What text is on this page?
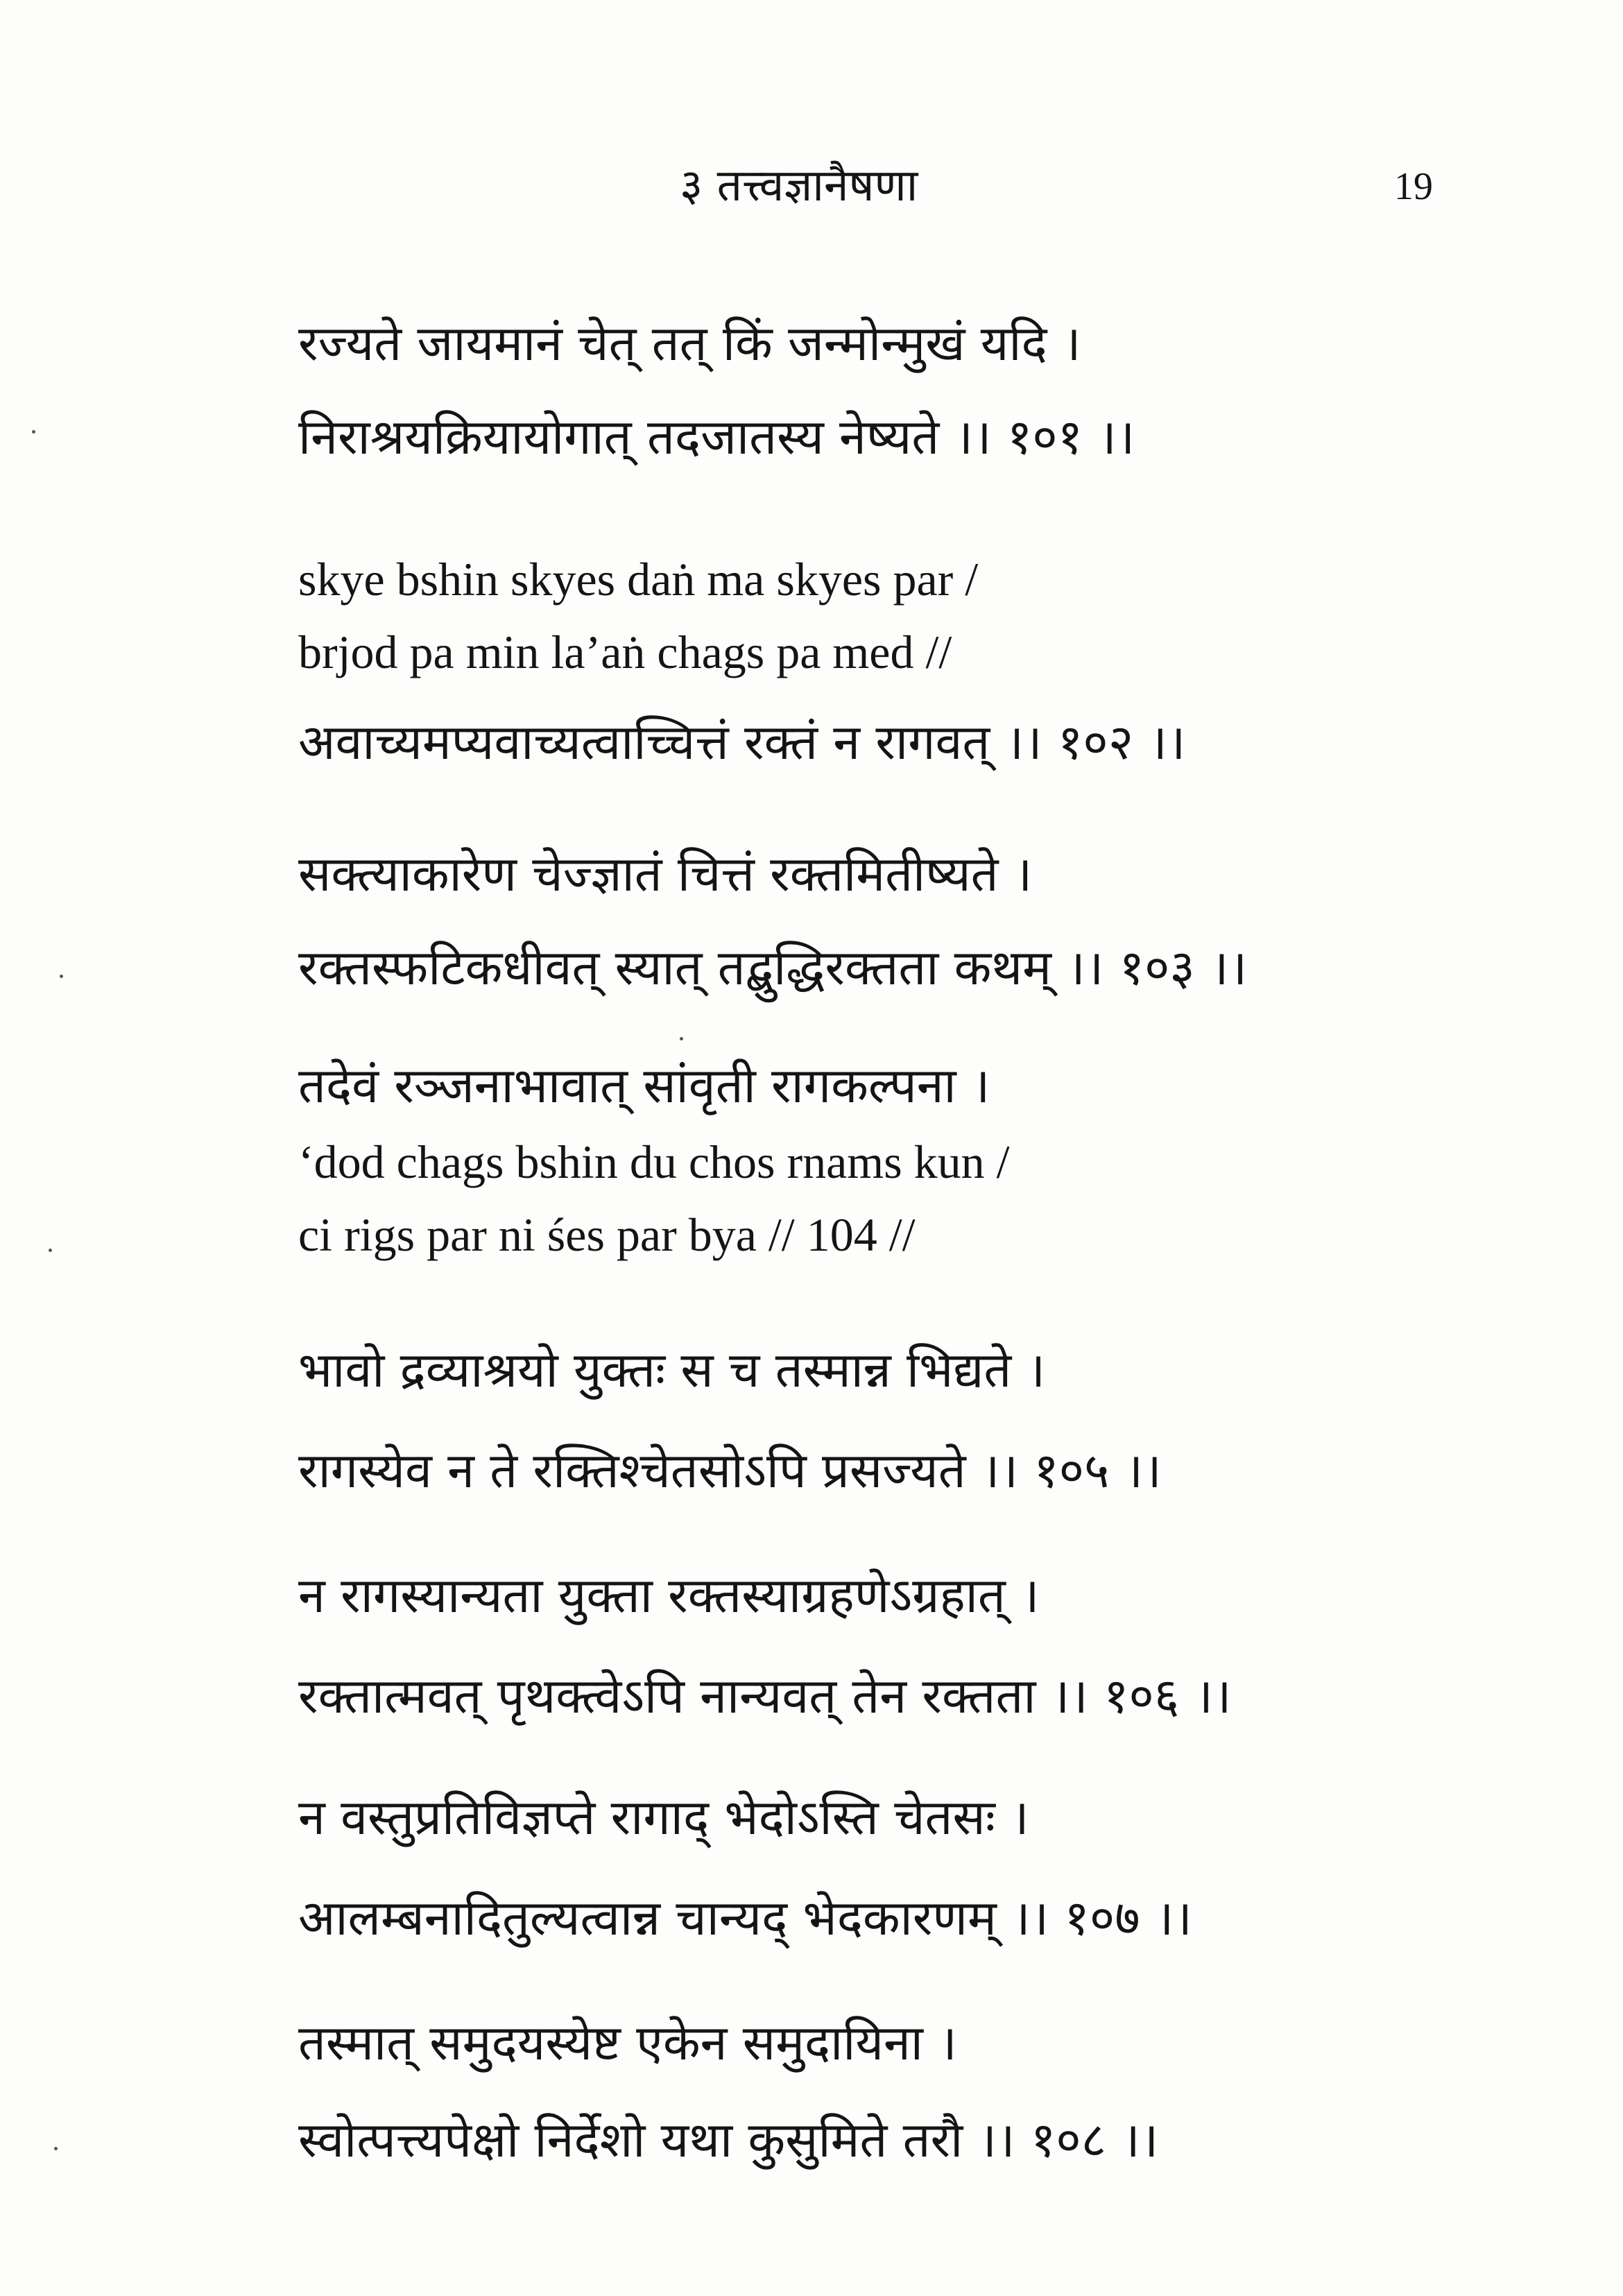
३ तत्त्वज्ञानैषणा	19
रज्यते जायमानं चेत् तत् किं जन्मोन्मुखं यदि ।
निराश्रयक्रियायोगात् तदजातस्य नेष्यते ।। १०१ ।।
skye bshin skyes daṅ ma skyes par /
brjod pa min la’aṅ chags pa med //
अवाच्यमप्यवाच्यत्वाच्चित्तं रक्तं न रागवत् ।। १०२ ।।
सक्त्याकारेण चेज्ज्ञातं चित्तं रक्तमितीष्यते ।
रक्तस्फटिकधीवत् स्यात् तद्बुद्धिरक्तता कथम् ।। १०३ ।।
तदेवं रञ्जनाभावात् सांवृती रागकल्पना ।
‘dod chags bshin du chos rnams kun /
ci rigs par ni śes par bya // 104 //
भावो द्रव्याश्रयो युक्तः स च तस्मान्न भिद्यते ।
रागस्येव न ते रक्तिश्चेतसोऽपि प्रसज्यते ।। १०५ ।।
न रागस्यान्यता युक्ता रक्तस्याग्रहणेऽग्रहात् ।
रक्तात्मवत् पृथक्त्वेऽपि नान्यवत् तेन रक्तता ।। १०६ ।।
न वस्तुप्रतिविज्ञप्ते रागाद् भेदोऽस्ति चेतसः ।
आलम्बनादितुल्यत्वान्न चान्यद् भेदकारणम् ।। १०७ ।।
तस्मात् समुदयस्येष्ट एकेन समुदायिना ।
स्वोत्पत्त्यपेक्षो निर्देशो यथा कुसुमिते तरौ ।। १०८ ।।
